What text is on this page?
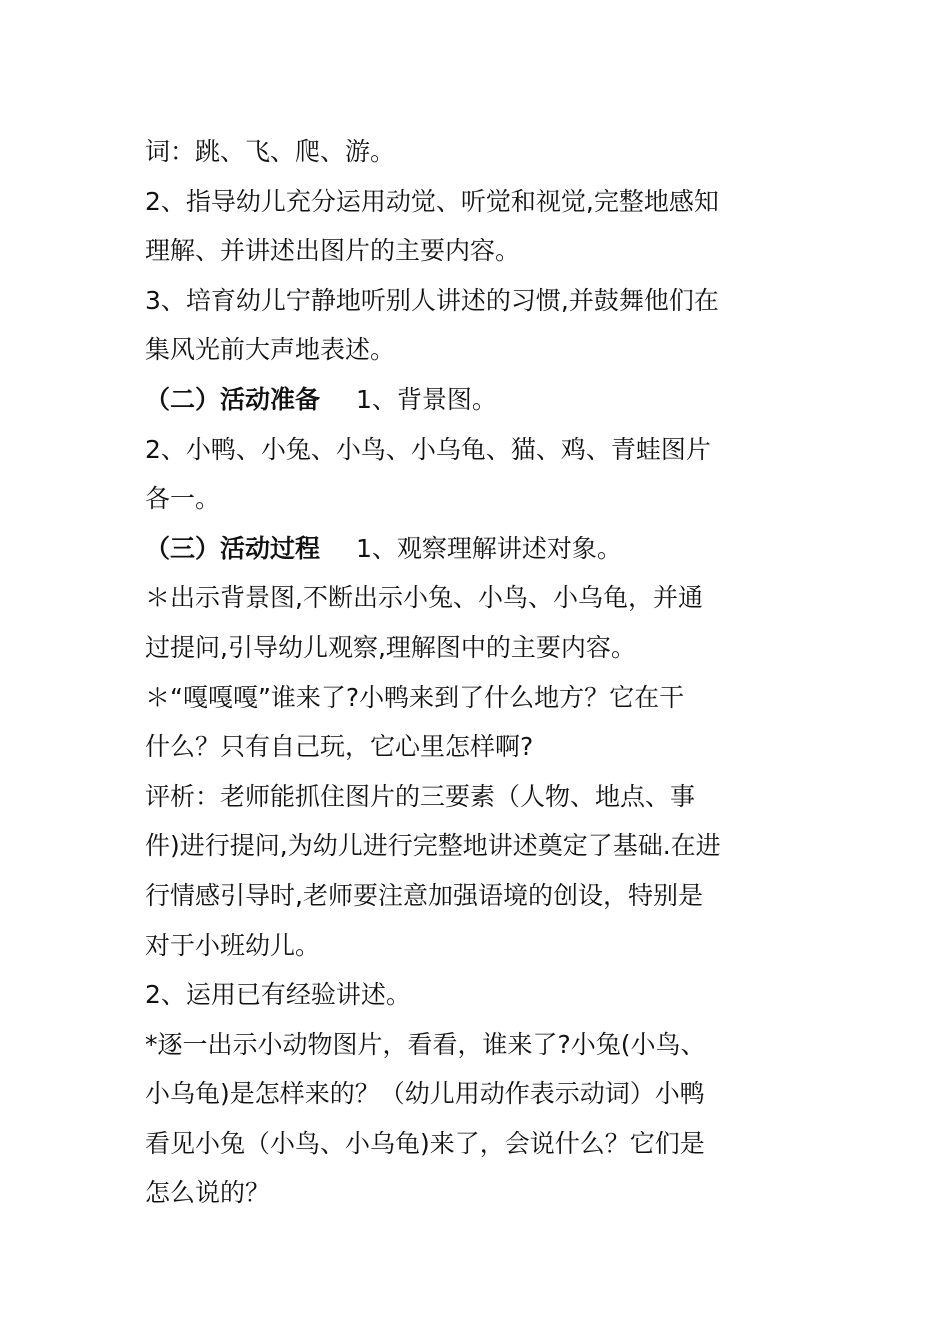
词：跳、飞、爬、游。
2、指导幼儿充分运用动觉、听觉和视觉,完整地感知
理解、并讲述出图片的主要内容。
3、培育幼儿宁静地听别人讲述的习惯,并鼓舞他们在
集风光前大声地表述。
（二）活动准备 1、背景图。
2、小鸭、小兔、小鸟、小乌龟、猫、鸡、青蛙图片
各一。
（三）活动过程 1、观察理解讲述对象。
＊出示背景图,不断出示小兔、小鸟、小乌龟，并通
过提问,引导幼儿观察,理解图中的主要内容。
＊“嘎嘎嘎”谁来了?小鸭来到了什么地方？它在干
什么？只有自己玩，它心里怎样啊?
评析：老师能抓住图片的三要素（人物、地点、事
件)进行提问,为幼儿进行完整地讲述奠定了基础.在进
行情感引导时,老师要注意加强语境的创设，特别是
对于小班幼儿。
2、运用已有经验讲述。
*逐一出示小动物图片，看看，谁来了?小兔(小鸟、
小乌龟)是怎样来的？（幼儿用动作表示动词）小鸭
看见小兔（小鸟、小乌龟)来了，会说什么？它们是
怎么说的？
